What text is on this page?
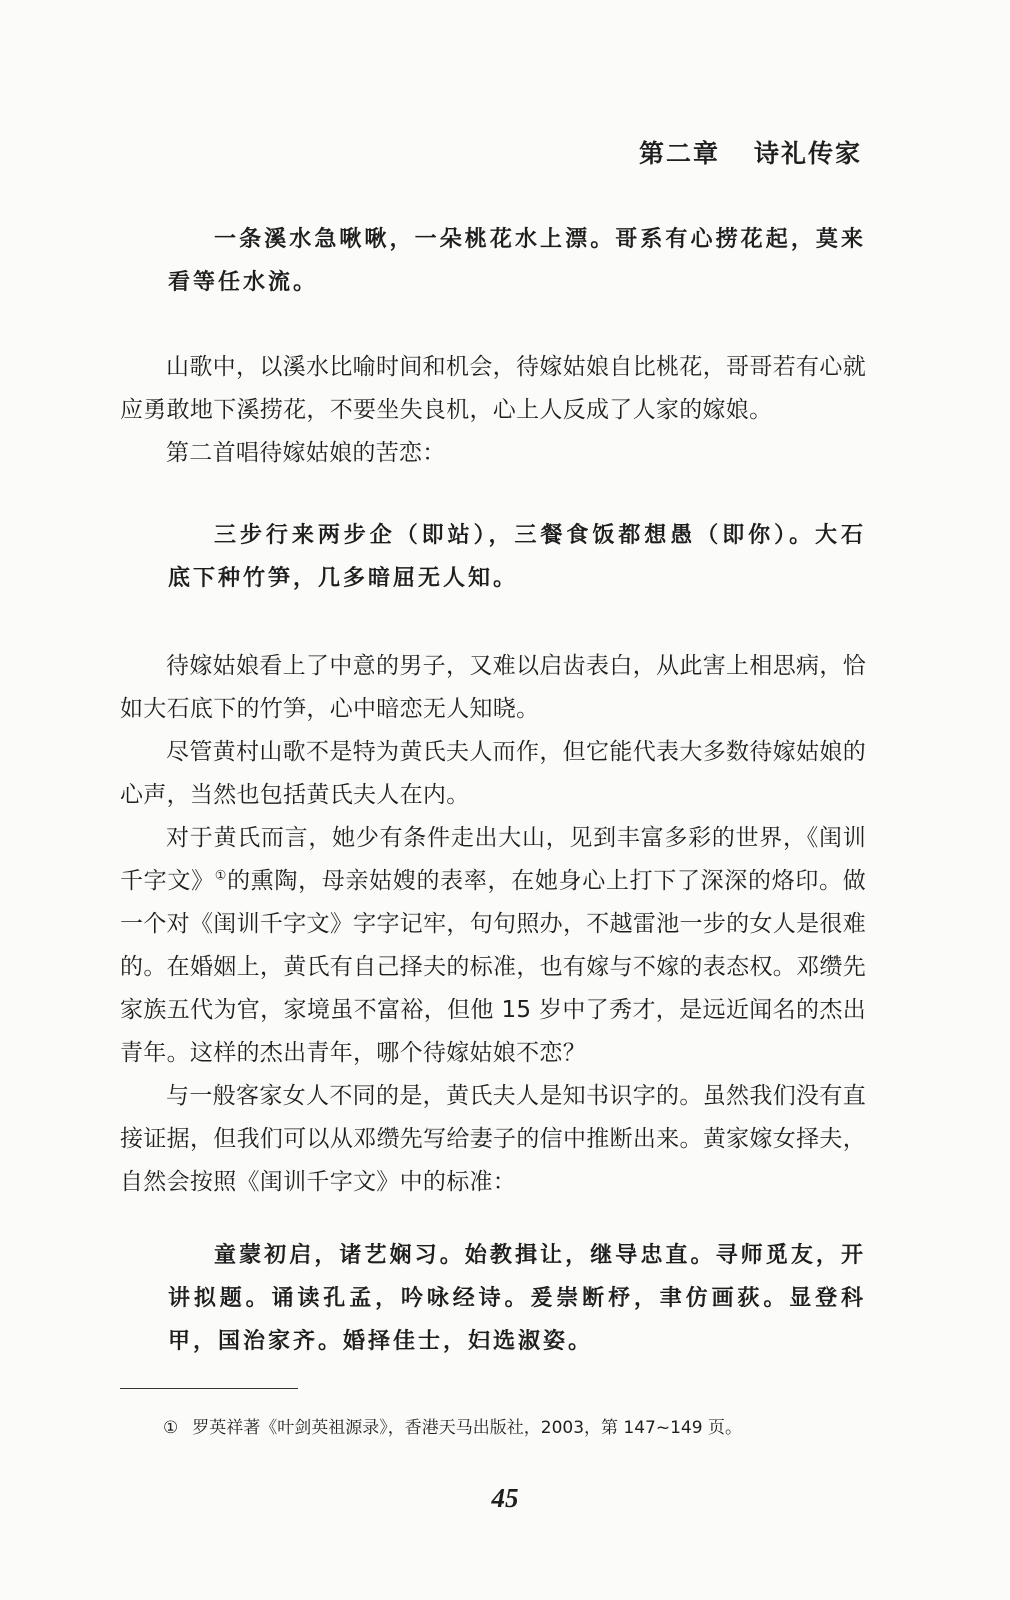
第二章 诗礼传家

一条溪水急啾啾，一朵桃花水上漂。哥系有心捞花起，莫来看等任水流。

山歌中，以溪水比喻时间和机会，待嫁姑娘自比桃花，哥哥若有心就应勇敢地下溪捞花，不要坐失良机，心上人反成了人家的嫁娘。

第二首唱待嫁姑娘的苦恋：

三步行来两步企（即站），三餐食饭都想愚（即你）。大石底下种竹笋，几多暗屈无人知。

待嫁姑娘看上了中意的男子，又难以启齿表白，从此害上相思病，恰如大石底下的竹笋，心中暗恋无人知晓。

尽管黄村山歌不是特为黄氏夫人而作，但它能代表大多数待嫁姑娘的心声，当然也包括黄氏夫人在内。

对于黄氏而言，她少有条件走出大山，见到丰富多彩的世界，《闺训千字文》①的熏陶，母亲姑嫂的表率，在她身心上打下了深深的烙印。做一个对《闺训千字文》字字记牢，句句照办，不越雷池一步的女人是很难的。在婚姻上，黄氏有自己择夫的标准，也有嫁与不嫁的表态权。邓缵先家族五代为官，家境虽不富裕，但他 15 岁中了秀才，是远近闻名的杰出青年。这样的杰出青年，哪个待嫁姑娘不恋？

与一般客家女人不同的是，黄氏夫人是知书识字的。虽然我们没有直接证据，但我们可以从邓缵先写给妻子的信中推断出来。黄家嫁女择夫，自然会按照《闺训千字文》中的标准：

童蒙初启，诸艺娴习。始教揖让，继导忠直。寻师觅友，开讲拟题。诵读孔孟，吟咏经诗。爰崇断杼，聿仿画荻。显登科甲，国治家齐。婚择佳士，妇选淑姿。

① 罗英祥著《叶剑英祖源录》，香港天马出版社，2003，第 147~149 页。
45
